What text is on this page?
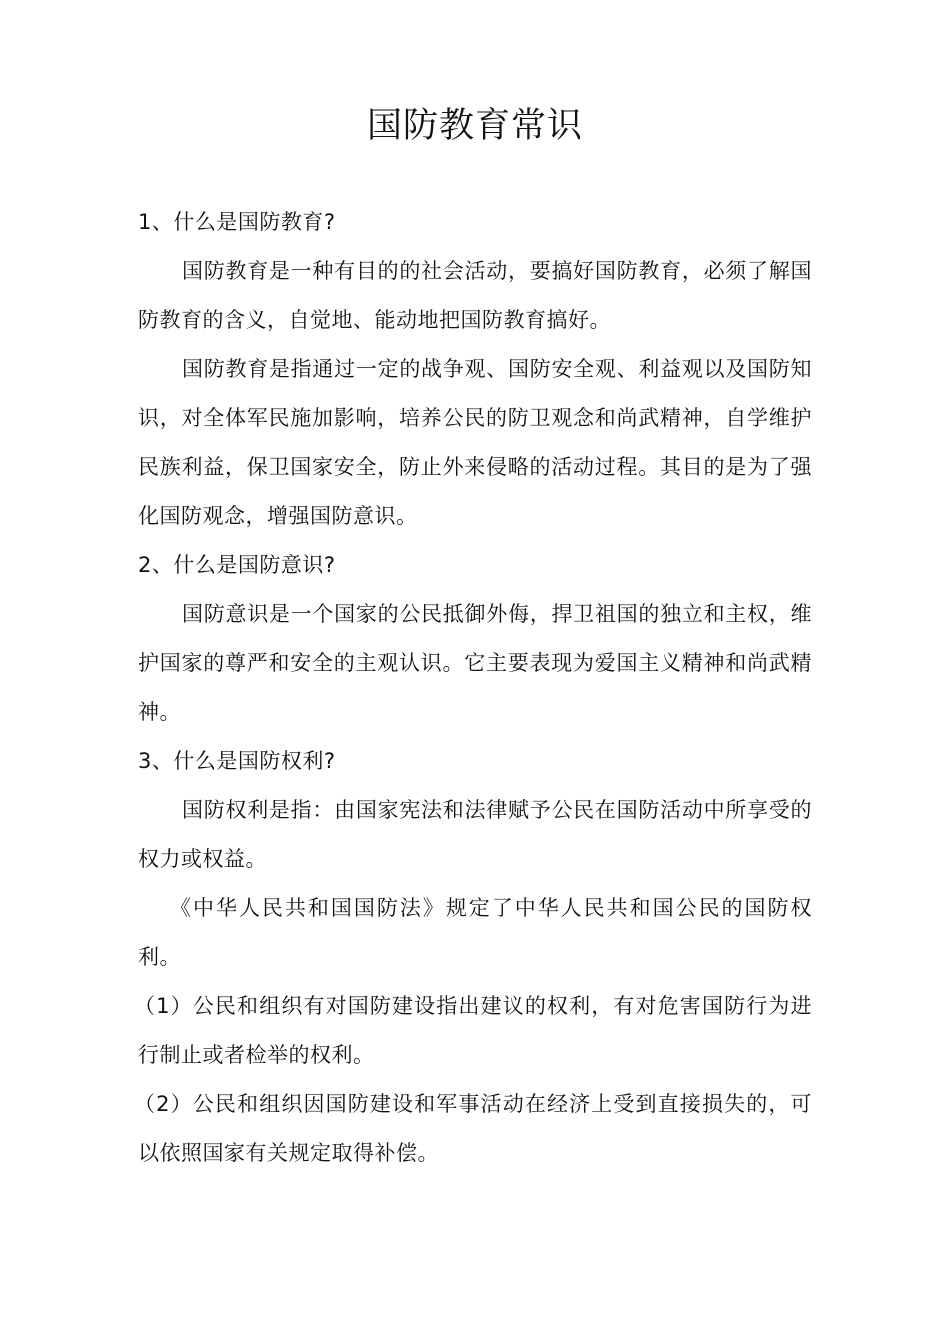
国防教育常识

1、什么是国防教育?

国防教育是一种有目的的社会活动，要搞好国防教育，必须了解国防教育的含义，自觉地、能动地把国防教育搞好。

国防教育是指通过一定的战争观、国防安全观、利益观以及国防知识，对全体军民施加影响，培养公民的防卫观念和尚武精神，自学维护民族利益，保卫国家安全，防止外来侵略的活动过程。其目的是为了强化国防观念，增强国防意识。

2、什么是国防意识?

国防意识是一个国家的公民抵御外侮，捍卫祖国的独立和主权，维护国家的尊严和安全的主观认识。它主要表现为爱国主义精神和尚武精神。

3、什么是国防权利?

国防权利是指：由国家宪法和法律赋予公民在国防活动中所享受的权力或权益。

《中华人民共和国国防法》规定了中华人民共和国公民的国防权利。

（1）公民和组织有对国防建设指出建议的权利，有对危害国防行为进行制止或者检举的权利。

（2）公民和组织因国防建设和军事活动在经济上受到直接损失的，可以依照国家有关规定取得补偿。
